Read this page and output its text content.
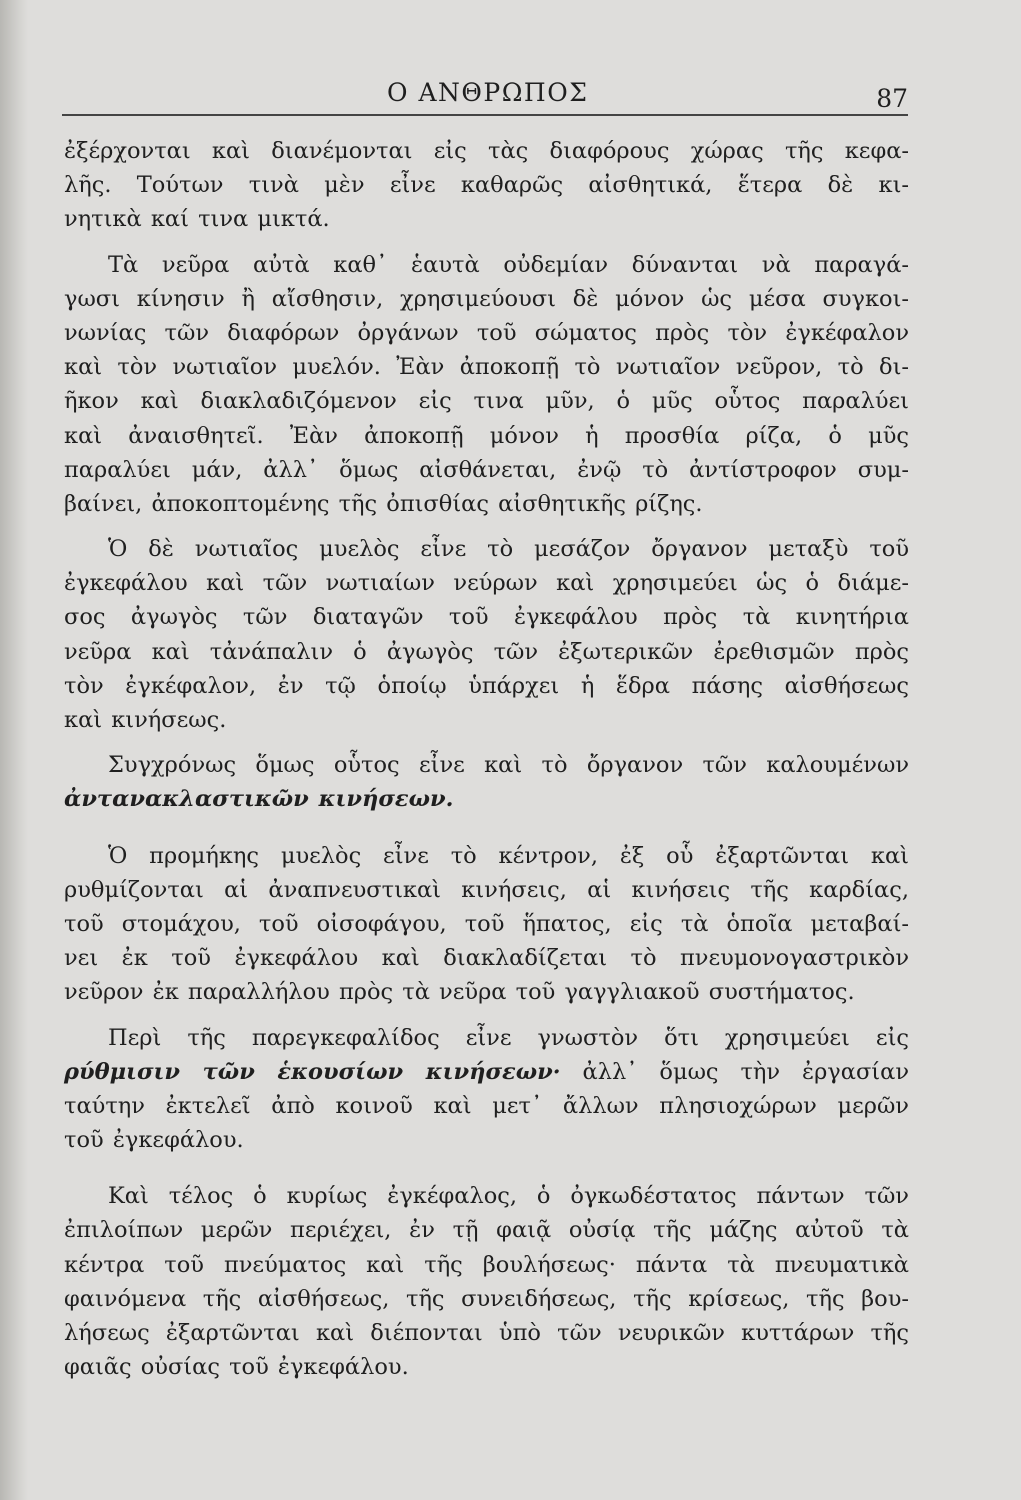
Ο ΑΝΘΡΩΠΟΣ	87
ἐξέρχονται καὶ διανέμονται εἰς τὰς διαφόρους χώρας τῆς κεφα-
λῆς. Τούτων τινὰ μὲν εἶνε καθαρῶς αἰσθητικά, ἕτερα δὲ κι-
νητικὰ καί τινα μικτά.
Τὰ νεῦρα αὐτὰ καθ᾽ ἑαυτὰ οὐδεμίαν δύνανται νὰ παραγά-
γωσι κίνησιν ἢ αἴσθησιν, χρησιμεύουσι δὲ μόνον ὡς μέσα συγκοι-
νωνίας τῶν διαφόρων ὀργάνων τοῦ σώματος πρὸς τὸν ἐγκέφαλον
καὶ τὸν νωτιαῖον μυελόν. Ἐὰν ἀποκοπῇ τὸ νωτιαῖον νεῦρον, τὸ δι-
ῆκον καὶ διακλαδιζόμενον εἰς τινα μῦν, ὁ μῦς οὗτος παραλύει
καὶ ἀναισθητεῖ. Ἐὰν ἀποκοπῇ μόνον ἡ προσθία ρίζα, ὁ μῦς
παραλύει μάν, ἀλλ᾽ ὅμως αἰσθάνεται, ἐνῷ τὸ ἀντίστροφον συμ-
βαίνει, ἀποκοπτομένης τῆς ὀπισθίας αἰσθητικῆς ρίζης.
Ὁ δὲ νωτιαῖος μυελὸς εἶνε τὸ μεσάζον ὄργανον μεταξὺ τοῦ
ἐγκεφάλου καὶ τῶν νωτιαίων νεύρων καὶ χρησιμεύει ὡς ὁ διάμε-
σος ἀγωγὸς τῶν διαταγῶν τοῦ ἐγκεφάλου πρὸς τὰ κινητήρια
νεῦρα καὶ τἀνάπαλιν ὁ ἀγωγὸς τῶν ἐξωτερικῶν ἐρεθισμῶν πρὸς
τὸν ἐγκέφαλον, ἐν τῷ ὁποίῳ ὑπάρχει ἡ ἕδρα πάσης αἰσθήσεως
καὶ κινήσεως.
Συγχρόνως ὅμως οὗτος εἶνε καὶ τὸ ὄργανον τῶν καλουμένων
ἀντανακλαστικῶν κινήσεων.
Ὁ προμήκης μυελὸς εἶνε τὸ κέντρον, ἐξ οὗ ἐξαρτῶνται καὶ
ρυθμίζονται αἱ ἀναπνευστικαὶ κινήσεις, αἱ κινήσεις τῆς καρδίας,
τοῦ στομάχου, τοῦ οἰσοφάγου, τοῦ ἥπατος, εἰς τὰ ὁποῖα μεταβαί-
νει ἐκ τοῦ ἐγκεφάλου καὶ διακλαδίζεται τὸ πνευμονογαστρικὸν
νεῦρον ἐκ παραλλήλου πρὸς τὰ νεῦρα τοῦ γαγγλιακοῦ συστήματος.
Περὶ τῆς παρεγκεφαλίδος εἶνε γνωστὸν ὅτι χρησιμεύει εἰς
ρύθμισιν τῶν ἑκουσίων κινήσεων· ἀλλ᾽ ὅμως τὴν ἐργασίαν
ταύτην ἐκτελεῖ ἀπὸ κοινοῦ καὶ μετ᾽ ἄλλων πλησιοχώρων μερῶν
τοῦ ἐγκεφάλου.
Καὶ τέλος ὁ κυρίως ἐγκέφαλος, ὁ ὀγκωδέστατος πάντων τῶν
ἐπιλοίπων μερῶν περιέχει, ἐν τῇ φαιᾷ οὐσίᾳ τῆς μάζης αὐτοῦ τὰ
κέντρα τοῦ πνεύματος καὶ τῆς βουλήσεως· πάντα τὰ πνευματικὰ
φαινόμενα τῆς αἰσθήσεως, τῆς συνειδήσεως, τῆς κρίσεως, τῆς βου-
λήσεως ἐξαρτῶνται καὶ διέπονται ὑπὸ τῶν νευρικῶν κυττάρων τῆς
φαιᾶς οὐσίας τοῦ ἐγκεφάλου.
